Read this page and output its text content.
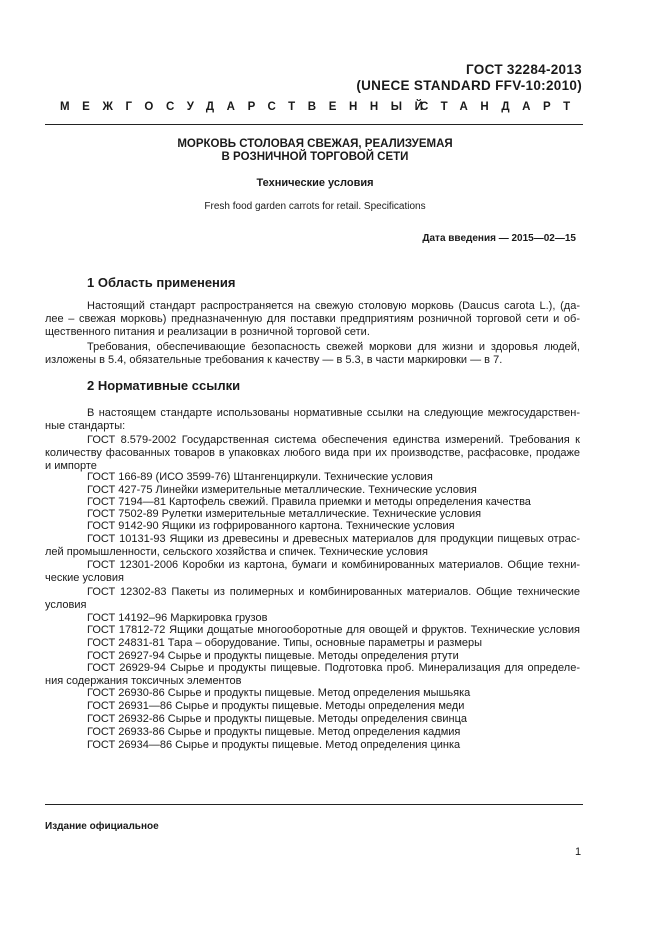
ГОСТ 32284-2013
(UNECE STANDARD FFV-10:2010)
МЕЖГОСУДАРСТВЕННЫЙ
СТАНДАРТ
МОРКОВЬ СТОЛОВАЯ СВЕЖАЯ, РЕАЛИЗУЕМАЯ
В РОЗНИЧНОЙ ТОРГОВОЙ СЕТИ
Технические условия
Fresh food garden carrots for retail. Specifications
Дата введения — 2015—02—15
1 Область применения
Настоящий стандарт распространяется на свежую столовую морковь (Daucus carota L.), (да-
лее – свежая морковь) предназначенную для поставки предприятиям розничной торговой сети и об-
щественного питания и реализации в розничной торговой сети.
Требования, обеспечивающие безопасность свежей моркови для жизни и здоровья людей,
изложены в 5.4, обязательные требования к качеству — в 5.3, в части маркировки — в 7.
2 Нормативные ссылки
В настоящем стандарте использованы нормативные ссылки на следующие межгосударствен-
ные стандарты:
ГОСТ 8.579-2002 Государственная система обеспечения единства измерений. Требования к
количеству фасованных товаров в упаковках любого вида при их производстве, расфасовке, продаже
и импорте
ГОСТ 166-89 (ИСО 3599-76) Штангенциркули. Технические условия
ГОСТ 427-75 Линейки измерительные металлические. Технические условия
ГОСТ 7194—81 Картофель свежий. Правила приемки и методы определения качества
ГОСТ 7502-89 Рулетки измерительные металлические. Технические условия
ГОСТ 9142-90 Ящики из гофрированного картона. Технические условия
ГОСТ 10131-93 Ящики из древесины и древесных материалов для продукции пищевых отрас-
лей промышленности, сельского хозяйства и спичек. Технические условия
ГОСТ 12301-2006 Коробки из картона, бумаги и комбинированных материалов. Общие техни-
ческие условия
ГОСТ 12302-83 Пакеты из полимерных и комбинированных материалов. Общие технические
условия
ГОСТ 14192–96 Маркировка грузов
ГОСТ 17812-72 Ящики дощатые многооборотные для овощей и фруктов. Технические условия
ГОСТ 24831-81 Тара – оборудование. Типы, основные параметры и размеры
ГОСТ 26927-94 Сырье и продукты пищевые. Методы определения ртути
ГОСТ 26929-94 Сырье и продукты пищевые. Подготовка проб. Минерализация для определе-
ния содержания токсичных элементов
ГОСТ 26930-86 Сырье и продукты пищевые. Метод определения мышьяка
ГОСТ 26931—86 Сырье и продукты пищевые. Методы определения меди
ГОСТ 26932-86 Сырье и продукты пищевые. Методы определения свинца
ГОСТ 26933-86 Сырье и продукты пищевые. Метод определения кадмия
ГОСТ 26934—86 Сырье и продукты пищевые. Метод определения цинка
Издание официальное
1
